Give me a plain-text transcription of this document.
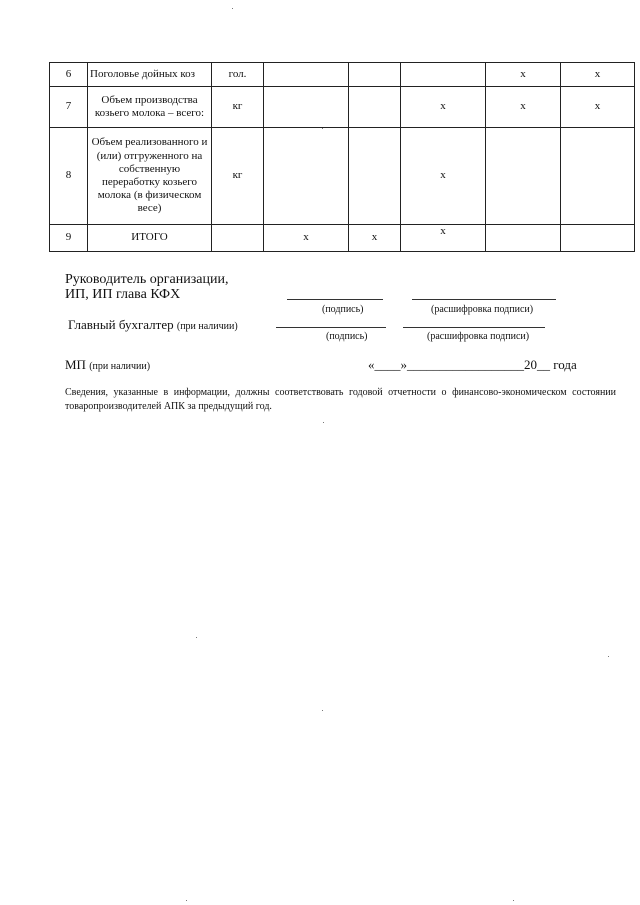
6	Поголовье дойных коз	гол.				х	х
7	Объем производства козьего молока – всего:	кг			х	х	х
8	Объем реализованного и (или) отгруженного на собственную переработку козьего молока (в физическом весе)	кг			х		
9	ИТОГО		х	х	х		
Руководитель организации,
ИП, ИП глава КФХ
(подпись)	(расшифровка подписи)
Главный бухгалтер (при наличии)
(подпись)	(расшифровка подписи)
МП (при наличии)	«____»__________________20__ года
Сведения, указанные в информации, должны соответствовать годовой отчетности о финансово-экономическом состоянии товаропроизводителей АПК за предыдущий год.
